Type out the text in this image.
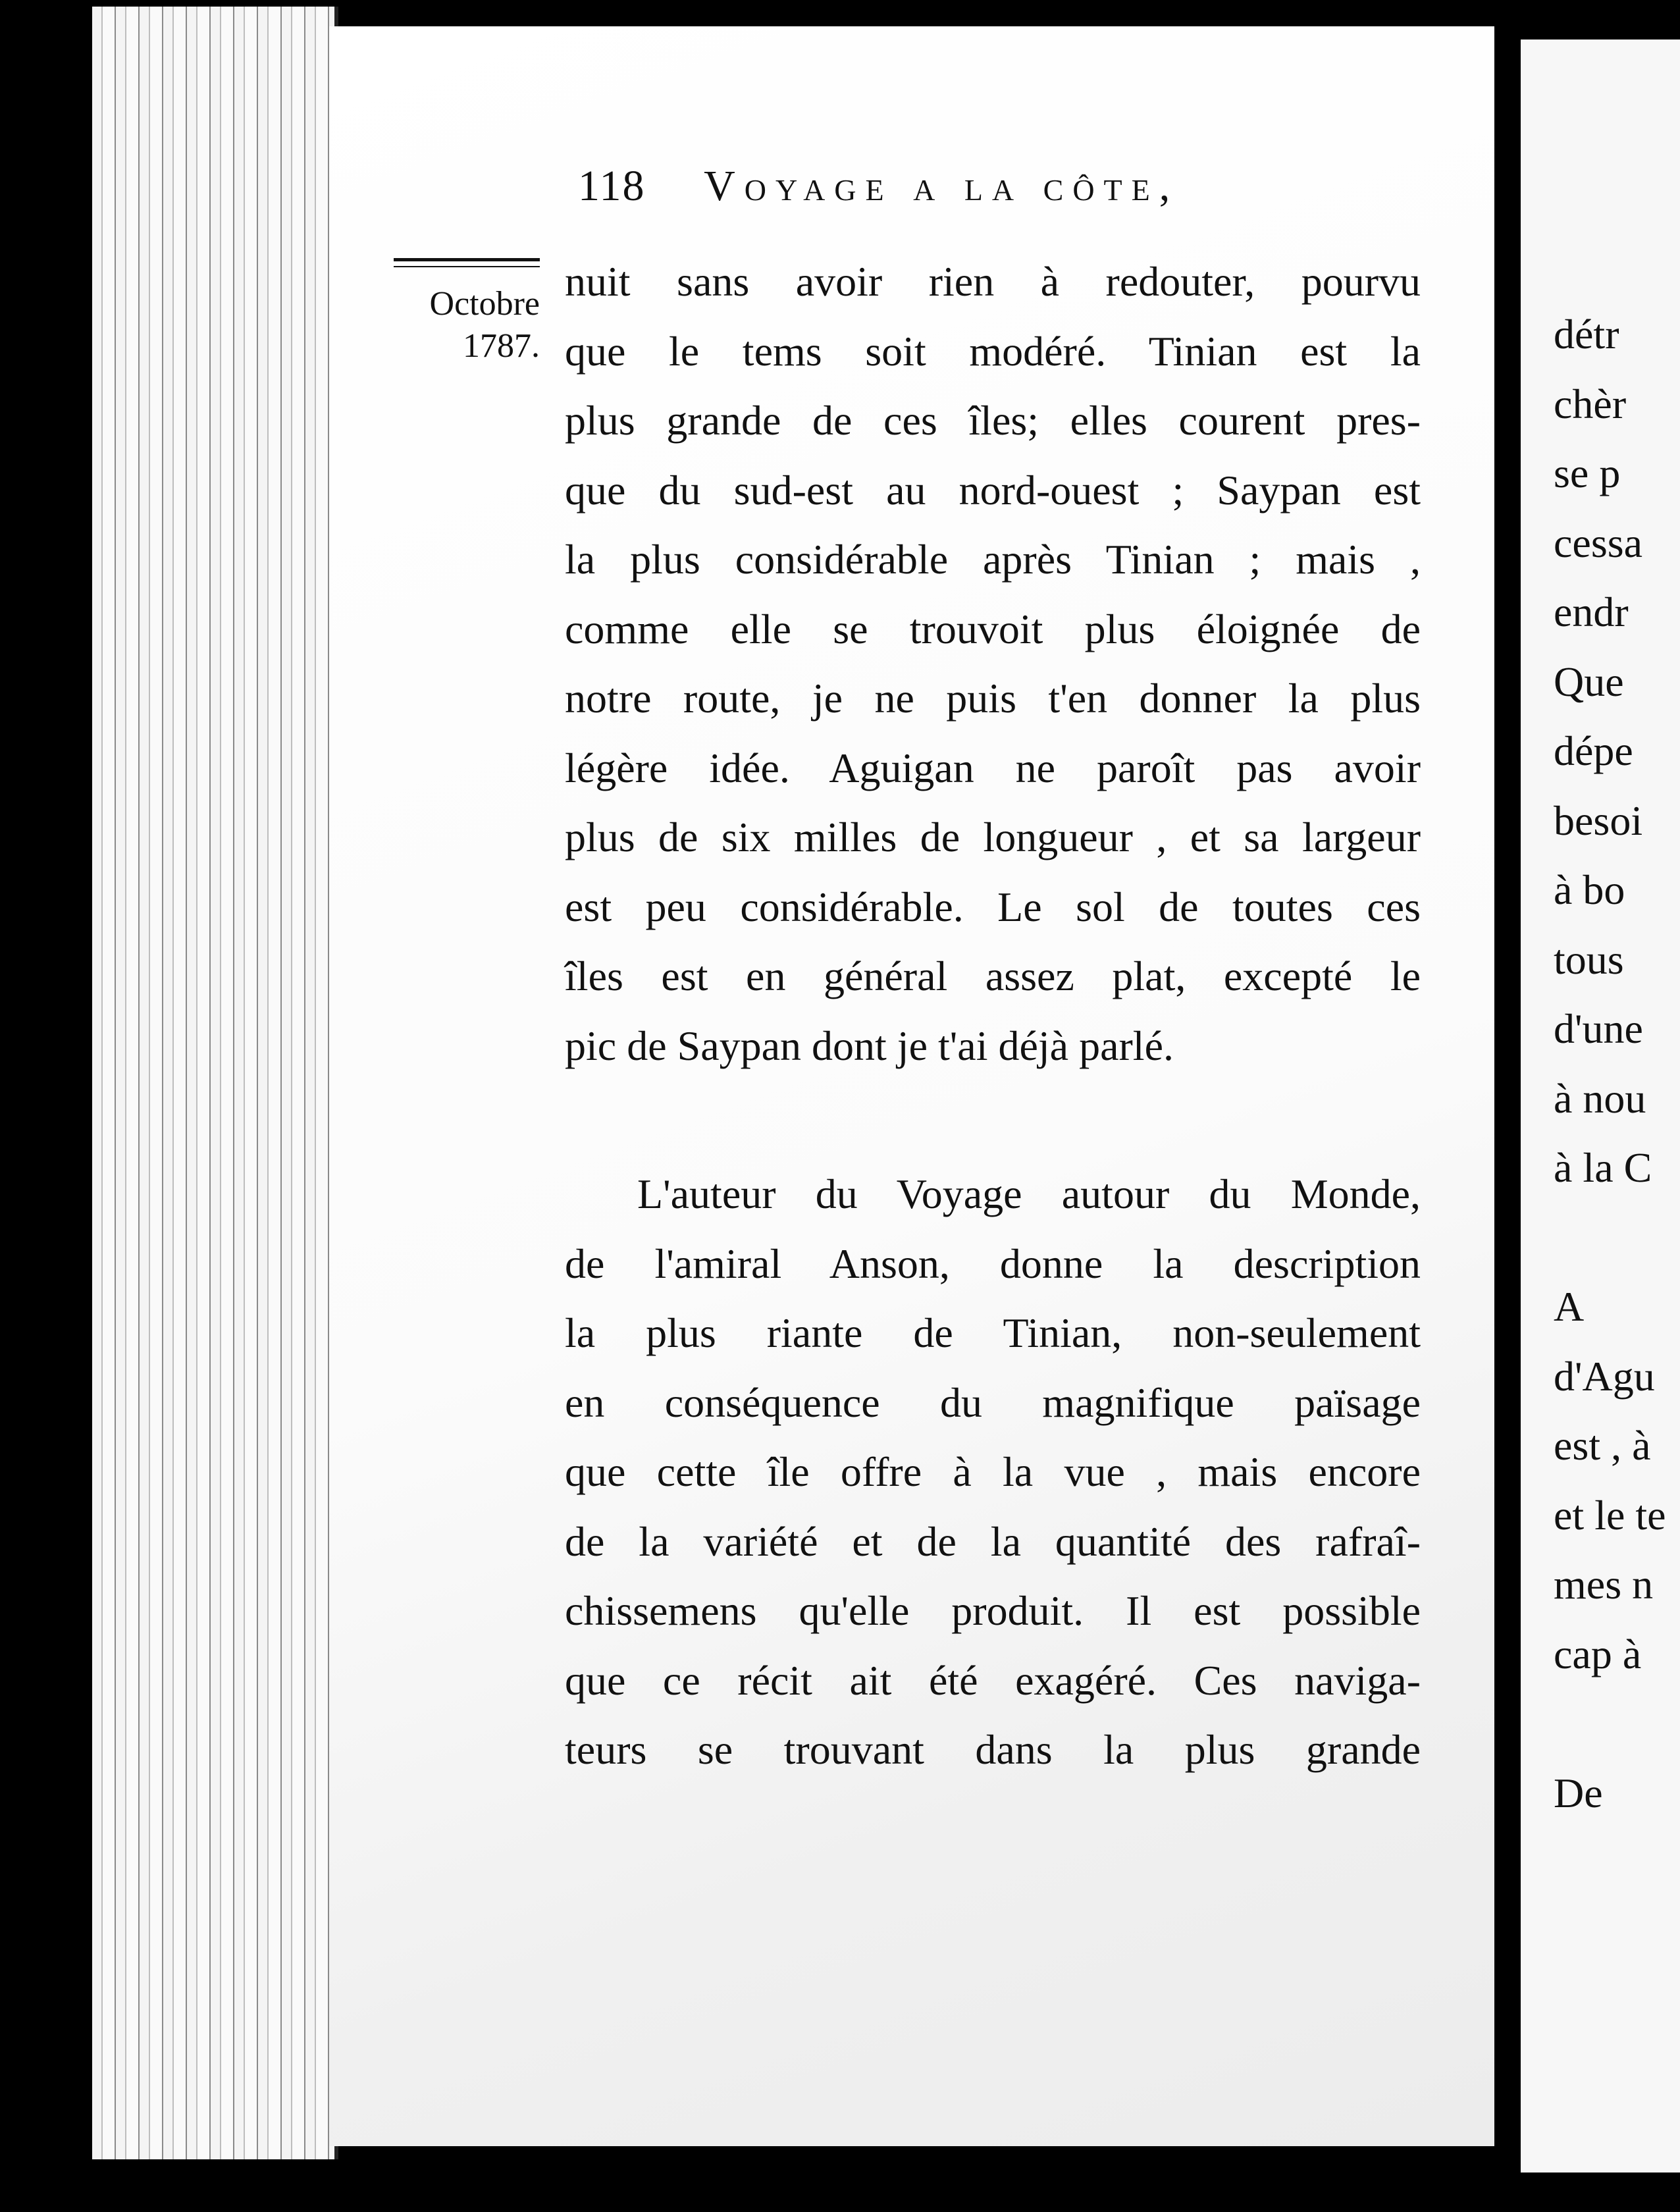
118 Voyage a la côte,
Octobre
1787.
nuit sans avoir rien à redouter, pourvu
que le tems soit modéré. Tinian est la
plus grande de ces îles; elles courent pres-
que du sud-est au nord-ouest ; Saypan est
la plus considérable après Tinian ; mais ,
comme elle se trouvoit plus éloignée de
notre route, je ne puis t'en donner la plus
légère idée. Aguigan ne paroît pas avoir
plus de six milles de longueur , et sa largeur
est peu considérable. Le sol de toutes ces
îles est en général assez plat, excepté le
pic de Saypan dont je t'ai déjà parlé.
L'auteur du Voyage autour du Monde,
de l'amiral Anson, donne la description
la plus riante de Tinian, non-seulement
en conséquence du magnifique païsage
que cette île offre à la vue , mais encore
de la variété et de la quantité des rafraî-
chissemens qu'elle produit. Il est possible
que ce récit ait été exagéré. Ces naviga-
teurs se trouvant dans la plus grande
détr
chèr
se p
cessa
endr
Que
dépe
besoi
à bo
tous
d'une
à nou
à la C
A
d'Agu
est , à
et le te
mes n
cap à
De
